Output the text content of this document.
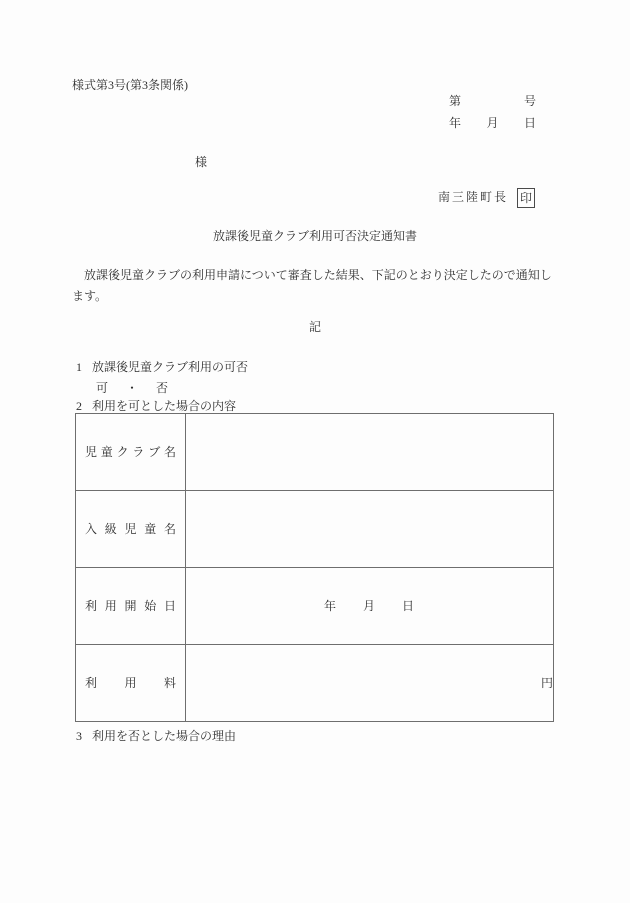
様式第3号(第3条関係)
第	号
年 月 日
様
南三陸町長 印
放課後児童クラブ利用可否決定通知書
放課後児童クラブの利用申請について審査した結果、下記のとおり決定したので通知します。
記
1 放課後児童クラブ利用の可否
可　・　否
2 利用を可とした場合の内容
児童クラブ名	
入級児童名	
利用開始日	年　　月　　日
利用料	円
3 利用を否とした場合の理由
